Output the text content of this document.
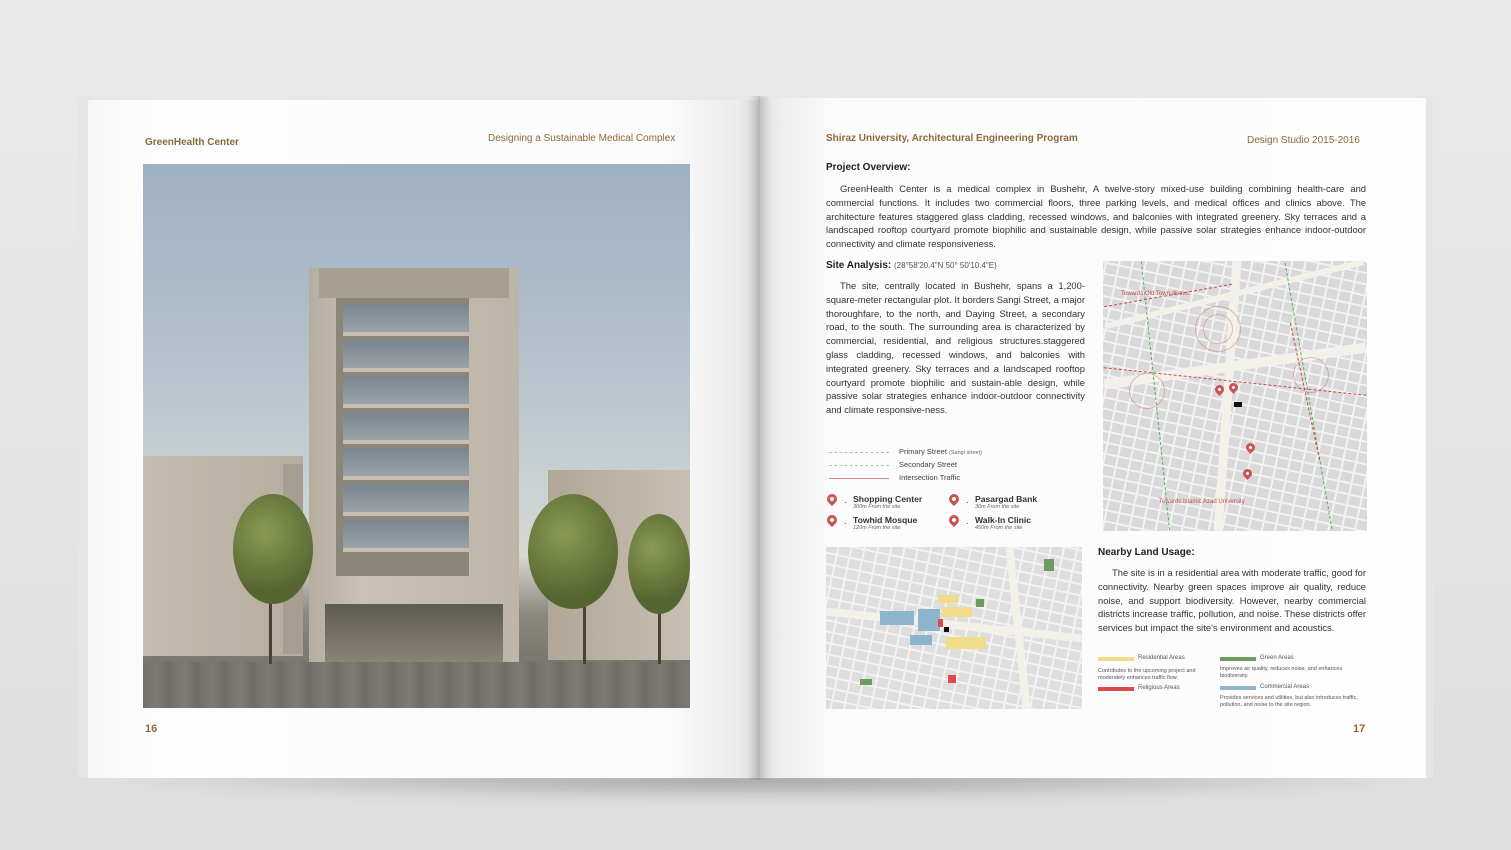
GreenHealth Center	Designing a Sustainable Medical Complex
16
Shiraz University, Architectural Engineering Program	Design Studio 2015-2016
Project Overview:
GreenHealth Center is a medical complex in Bushehr, A twelve-story mixed-use building combining health-care and commercial functions. It includes two commercial floors, three parking levels, and medical offices and clinics above. The architecture features staggered glass cladding, recessed windows, and balconies with integrated greenery. Sky terraces and a landscaped rooftop courtyard promote biophilic and sustainable design, while passive solar strategies enhance indoor-outdoor connectivity and climate responsiveness.
Site Analysis: (28°58'20.4"N 50° 50'10.4"E)
The site, centrally located in Bushehr, spans a 1,200-square-meter rectangular plot. It borders Sangi Street, a major thoroughfare, to the north, and Daying Street, a secondary road, to the south. The surrounding area is characterized by commercial, residential, and religious structures.staggered glass cladding, recessed windows, and balconies with integrated greenery. Sky terraces and a landscaped rooftop courtyard promote biophilic and sustain-able design, while passive solar strategies enhance indoor-outdoor connectivity and climate responsive-ness.
Primary Street (Sangi street)
Secondary Street
Intersection Traffic
. Shopping Center
300m From the site
. Pasargad Bank
30m From the site
. Towhid Mosque
120m From the site
. Walk-In Clinic
450m From the site
Towards Old Town district
Towards Islamic Azad University
Nearby Land Usage:
The site is in a residential area with moderate traffic, good for connectivity. Nearby green spaces improve air quality, reduce noise, and support biodiversity. However, nearby commercial districts increase traffic, pollution, and noise. These districts offer services but impact the site's environment and acoustics.
Residential Areas
Contributes to the upcoming project and moderately enhances traffic flow.
Religious Areas
Green Areas
Improves air quality, reduces noise, and enhances biodiversity.
Commercial Areas
Provides services and utilities, but also introduces traffic, pollution, and noise to the site region.
17
